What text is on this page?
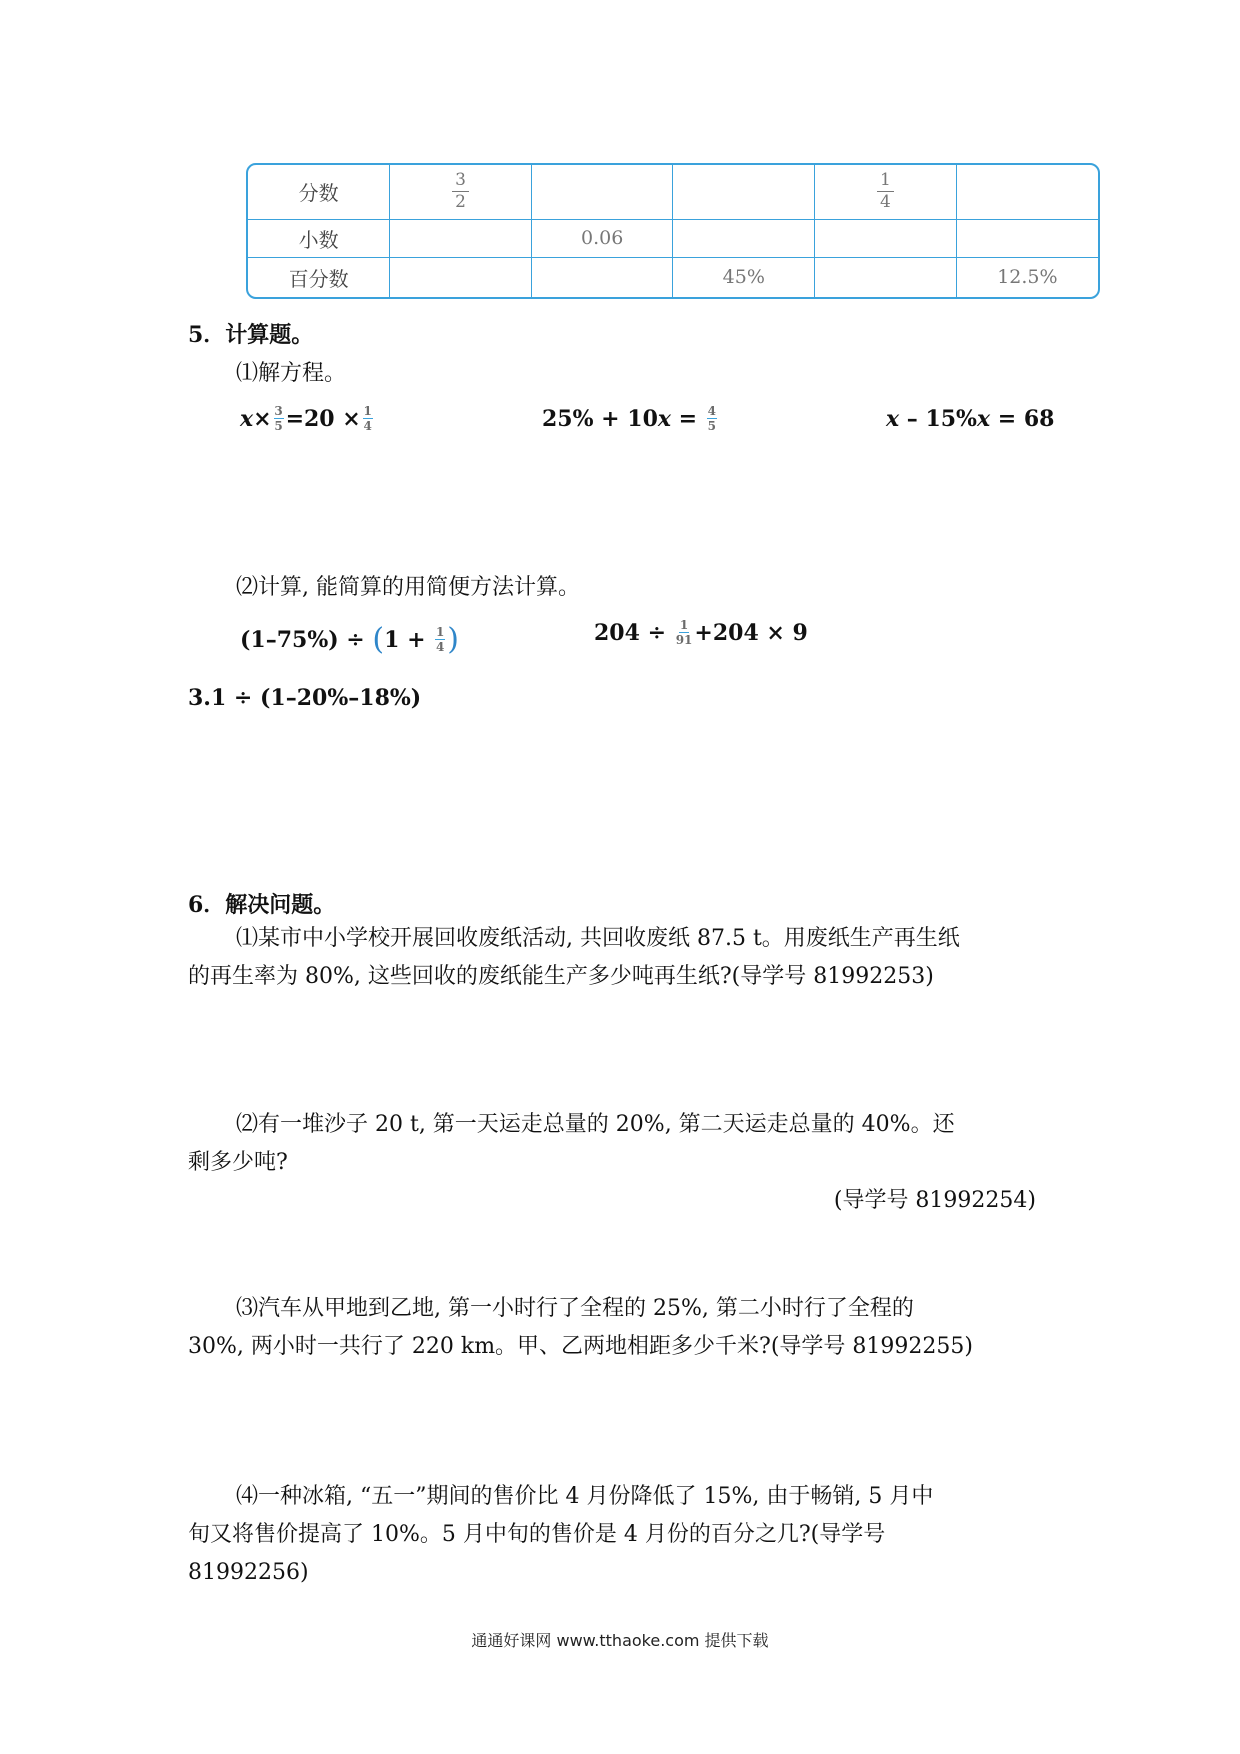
分数	$\frac{3}{2}$			$\frac{1}{4}$

小数		0.06			
百分数			45%		12.5%
5．计算题。
⑴解方程。
$x\times \frac{3}{5} =20 \times \frac{1}{4}$	$25\% + 10x = \frac{4}{5}$	x – 15%x = 68
⑵计算, 能简算的用简便方法计算。
$(1-75\%) \div (1 + \frac{1}{4}$ )	$204 \div \frac{1}{91} +204 \times 9$
3.1 ÷ (1–20%–18%)
6．解决问题。
⑴某市中小学校开展回收废纸活动, 共回收废纸 87.5 t。用废纸生产再生纸
的再生率为 80%, 这些回收的废纸能生产多少吨再生纸?(导学号 81992253)
⑵有一堆沙子 20 t, 第一天运走总量的 20%, 第二天运走总量的 40%。还
剩多少吨?
(导学号 81992254)
⑶汽车从甲地到乙地, 第一小时行了全程的 25%, 第二小时行了全程的
30%, 两小时一共行了 220 km。甲、乙两地相距多少千米?(导学号 81992255)
⑷一种冰箱, “五一”期间的售价比 4 月份降低了 15%, 由于畅销, 5 月中
旬又将售价提高了 10%。5 月中旬的售价是 4 月份的百分之几?(导学号
81992256)
通通好课网 www.tthaoke.com 提供下载
